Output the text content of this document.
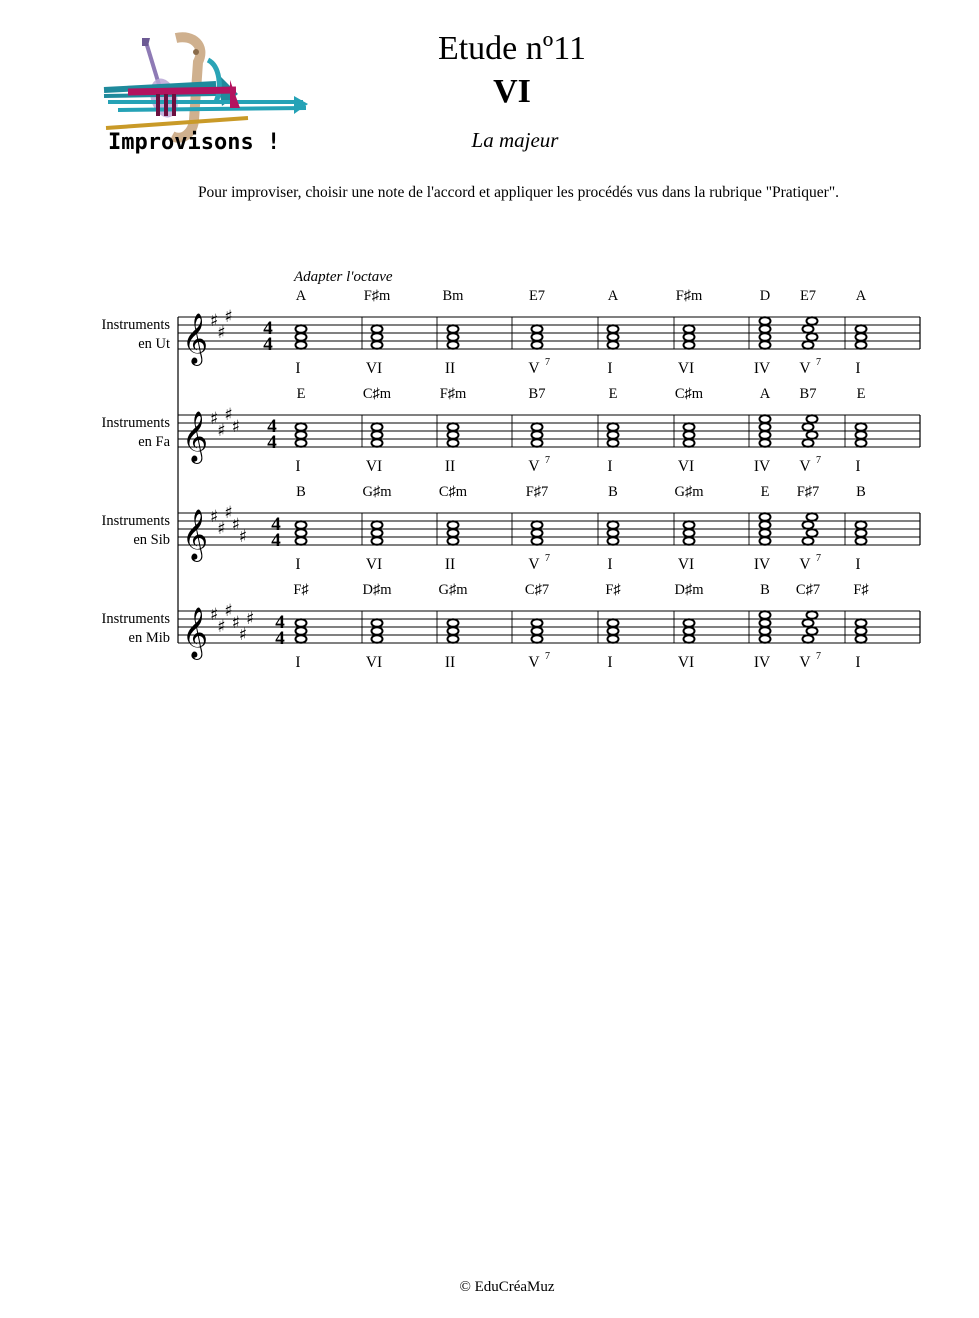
Improvisons !
Etude nº11
VI
La majeur
Pour improviser, choisir une note de l'accord et appliquer les procédés vus dans la rubrique "Pratiquer".
Adapter l'octave
Instruments
en Ut 𝄞 ♯
♯
♯
4
4
A
I
F♯m
VI
Bm
II
E7
V 7
A
I
F♯m
VI
D
IV
E7
V 7
A
I
Instruments
en Fa 𝄞 ♯
♯
♯
♯ 4
4
E
I
C♯m
VI
F♯m
II
B7
V 7
E
I
C♯m
VI
A
IV
B7
V 7
E
I
Instruments
en Sib 𝄞 ♯
♯
♯
♯
♯
4
4
B
I
G♯m
VI
C♯m
II
F♯7
V 7
B
I
G♯m
VI
E
IV
F♯7
V 7
B
I
Instruments
en Mib 𝄞 ♯
♯
♯
♯
♯
♯ 4
4
F♯
I
D♯m
VI
G♯m
II
C♯7
V 7
F♯
I
D♯m
VI
B
IV
C♯7
V 7
F♯
I
© EduCréaMuz
